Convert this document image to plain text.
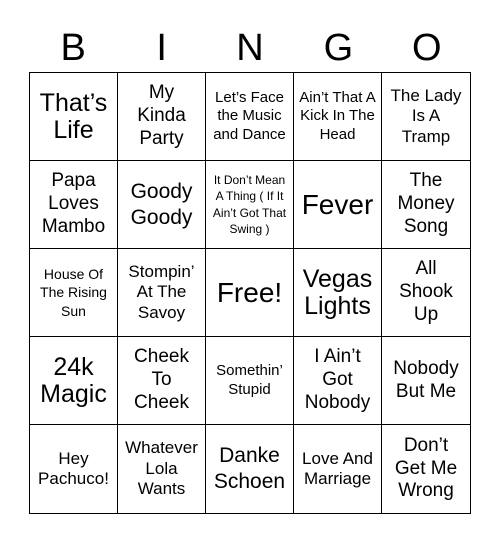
B	I	N	G	O
That’s Life
My Kinda Party
Let’s Face the Music and Dance
Ain’t That A Kick In The Head
The Lady Is A Tramp
Papa Loves Mambo
Goody Goody
It Don’t Mean A Thing ( If It Ain’t Got That Swing )
Fever
The Money Song
House Of The Rising Sun
Stompin’ At The Savoy
Free! Vegas Lights
All Shook Up
24k Magic
Cheek To Cheek
Somethin’ Stupid
I Ain’t Got Nobody
Nobody But Me
Hey Pachuco!
Whatever Lola Wants
Danke Schoen
Love And Marriage
Don’t Get Me Wrong
